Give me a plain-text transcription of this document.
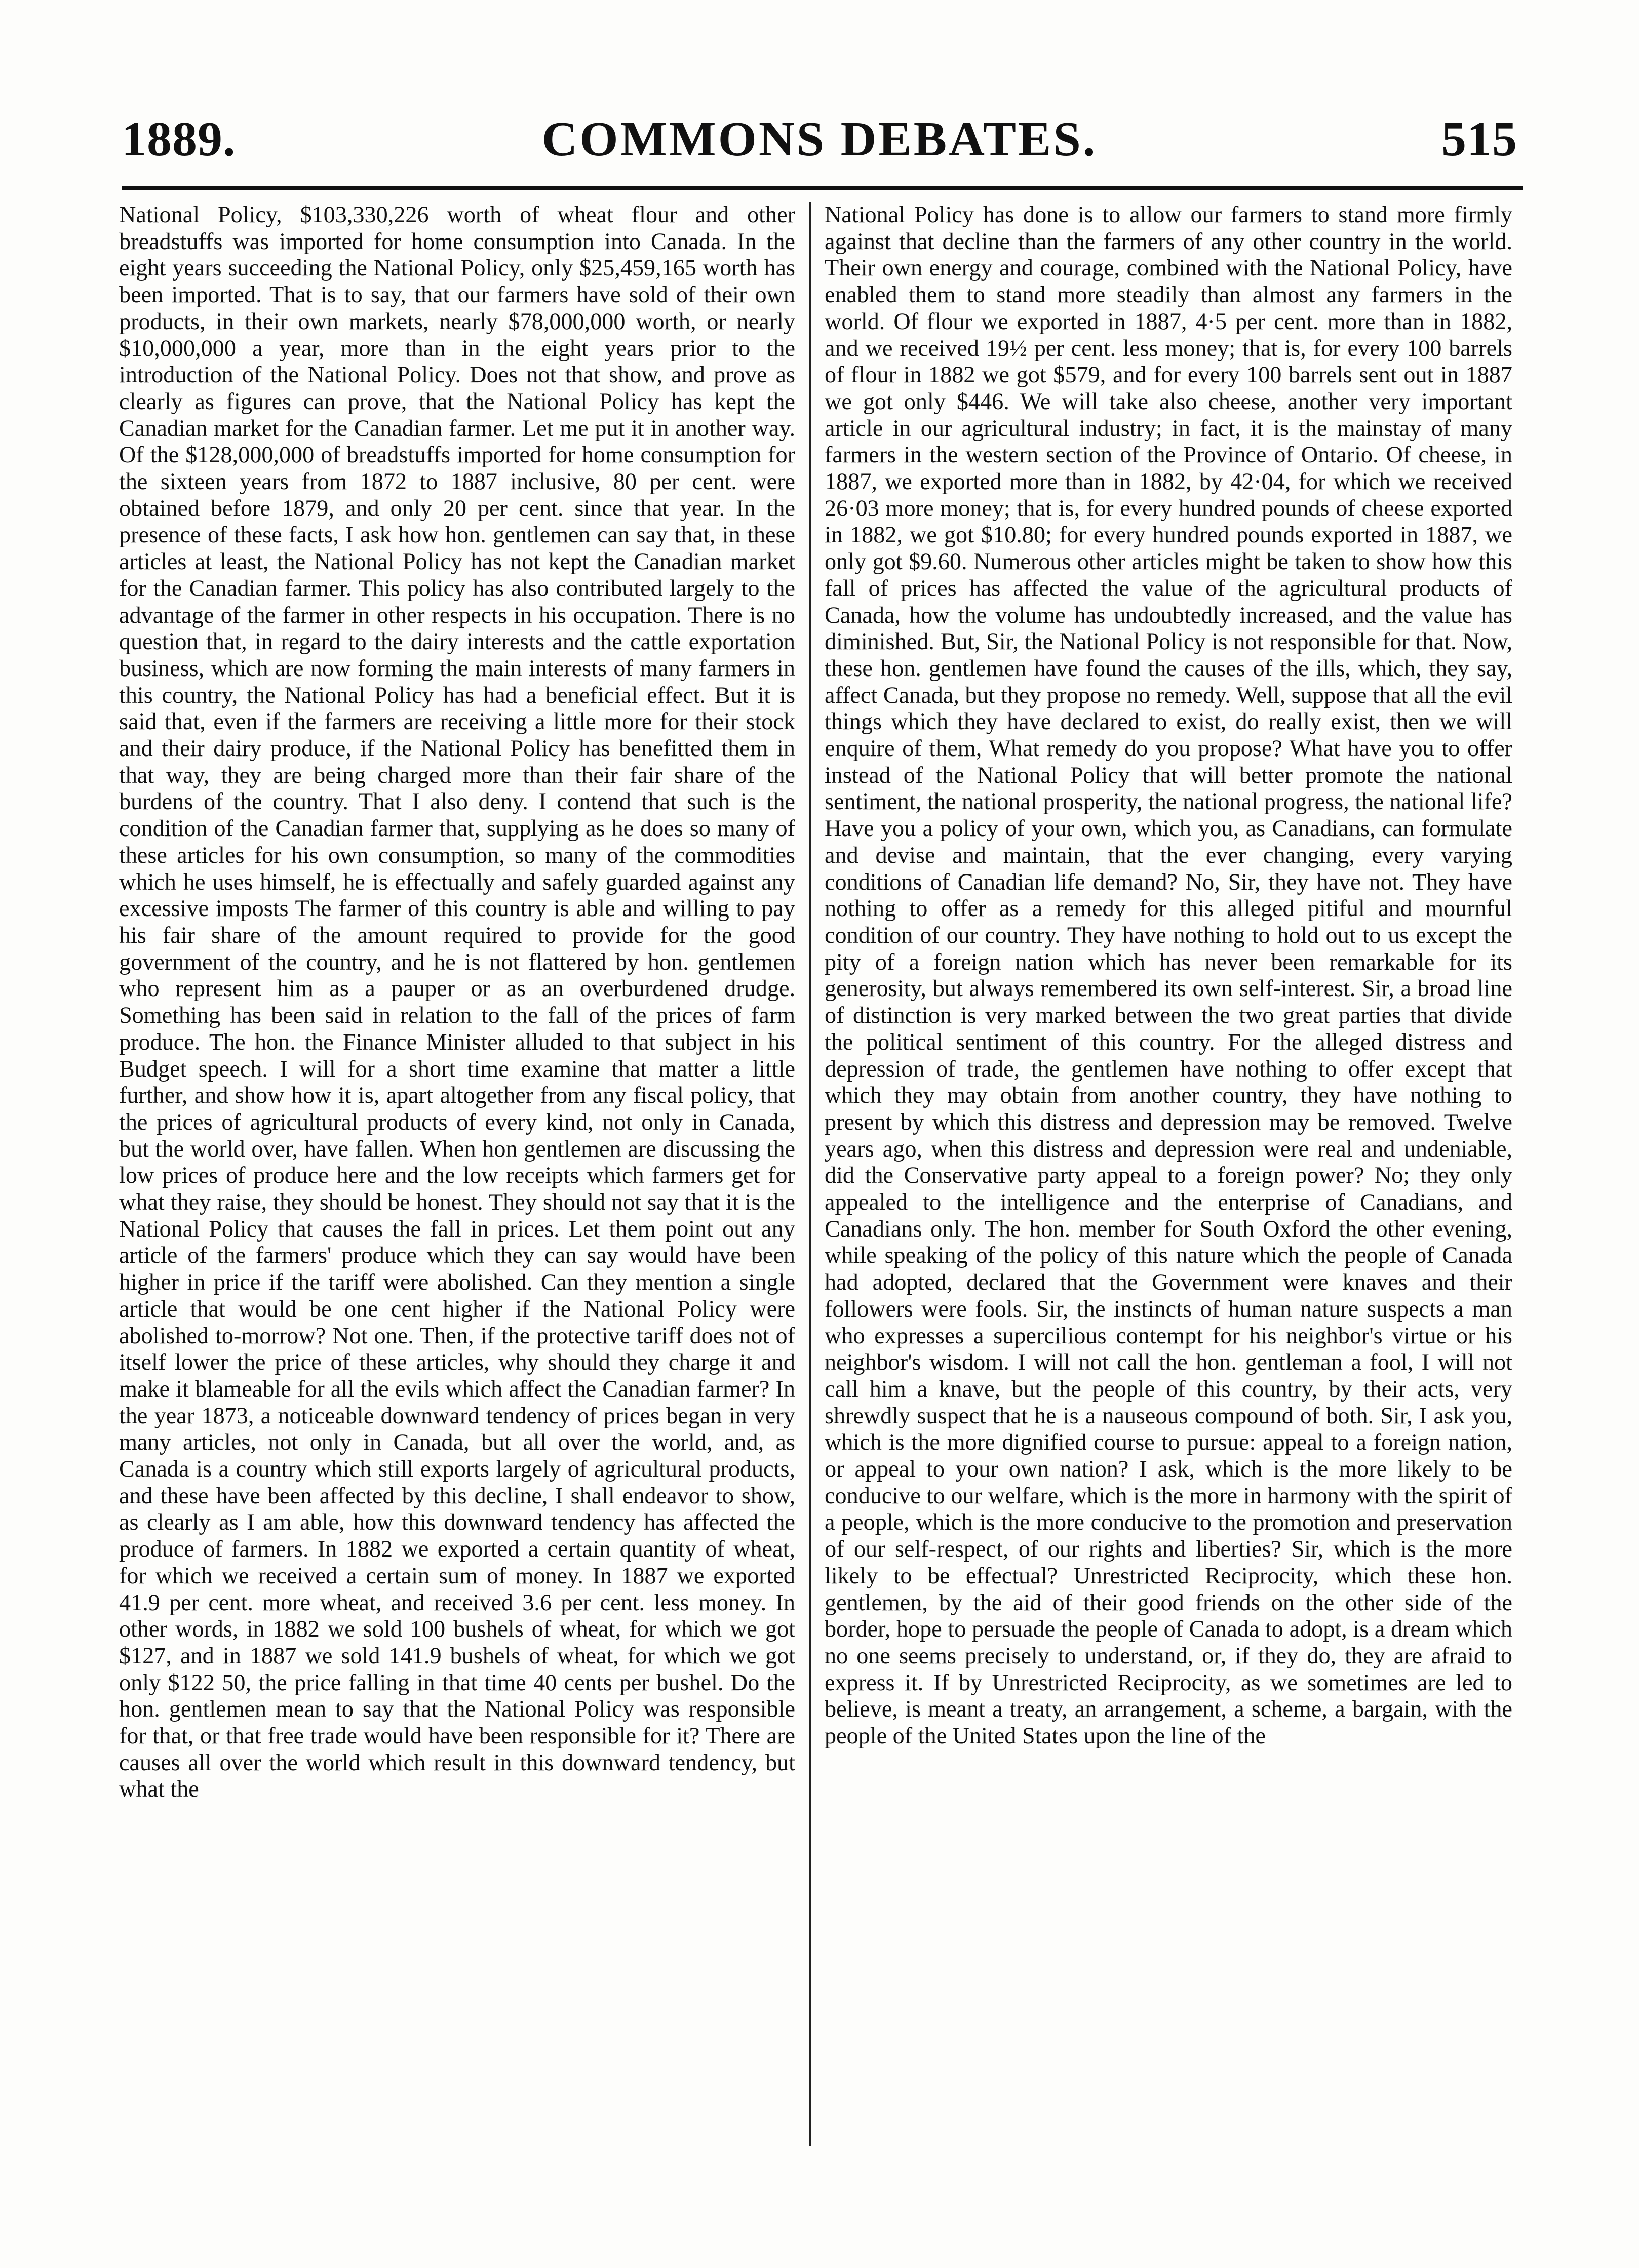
COMMONS DEBATES.
1889.	515

National Policy, $103,330,226 worth of wheat flour and other breadstuffs was imported for home consumption into Canada. In the eight years succeeding the National Policy, only $25,459,165 worth has been imported. That is to say, that our farmers have sold of their own products, in their own markets, nearly $78,000,000 worth, or nearly $10,000,000 a year, more than in the eight years prior to the introduction of the National Policy. Does not that show, and prove as clearly as figures can prove, that the National Policy has kept the Canadian market for the Canadian farmer. Let me put it in another way. Of the $128,000,000 of breadstuffs imported for home consumption for the sixteen years from 1872 to 1887 inclusive, 80 per cent. were obtained before 1879, and only 20 per cent. since that year. In the presence of these facts, I ask how hon. gentlemen can say that, in these articles at least, the National Policy has not kept the Canadian market for the Canadian farmer. This policy has also contributed largely to the advantage of the farmer in other respects in his occupation. There is no question that, in regard to the dairy interests and the cattle exportation business, which are now forming the main interests of many farmers in this country, the National Policy has had a beneficial effect. But it is said that, even if the farmers are receiving a little more for their stock and their dairy produce, if the National Policy has benefitted them in that way, they are being charged more than their fair share of the burdens of the country. That I also deny. I contend that such is the condition of the Canadian farmer that, supplying as he does so many of these articles for his own consumption, so many of the commodities which he uses himself, he is effectually and safely guarded against any excessive imposts The farmer of this country is able and willing to pay his fair share of the amount required to provide for the good government of the country, and he is not flattered by hon. gentlemen who represent him as a pauper or as an overburdened drudge. Something has been said in relation to the fall of the prices of farm produce. The hon. the Finance Minister alluded to that subject in his Budget speech. I will for a short time examine that matter a little further, and show how it is, apart altogether from any fiscal policy, that the prices of agricultural products of every kind, not only in Canada, but the world over, have fallen. When hon gentlemen are discussing the low prices of produce here and the low receipts which farmers get for what they raise, they should be honest. They should not say that it is the National Policy that causes the fall in prices. Let them point out any article of the farmers' produce which they can say would have been higher in price if the tariff were abolished. Can they mention a single article that would be one cent higher if the National Policy were abolished to-morrow? Not one. Then, if the protective tariff does not of itself lower the price of these articles, why should they charge it and make it blameable for all the evils which affect the Canadian farmer? In the year 1873, a noticeable downward tendency of prices began in very many articles, not only in Canada, but all over the world, and, as Canada is a country which still exports largely of agricultural products, and these have been affected by this decline, I shall endeavor to show, as clearly as I am able, how this downward tendency has affected the produce of farmers. In 1882 we exported a certain quantity of wheat, for which we received a certain sum of money. In 1887 we exported 41.9 per cent. more wheat, and received 3.6 per cent. less money. In other words, in 1882 we sold 100 bushels of wheat, for which we got $127, and in 1887 we sold 141.9 bushels of wheat, for which we got only $122 50, the price falling in that time 40 cents per bushel. Do the hon. gentlemen mean to say that the National Policy was responsible for that, or that free trade would have been responsible for it? There are causes all over the world which result in this downward tendency, but what the

National Policy has done is to allow our farmers to stand more firmly against that decline than the farmers of any other country in the world. Their own energy and courage, combined with the National Policy, have enabled them to stand more steadily than almost any farmers in the world. Of flour we exported in 1887, 4·5 per cent. more than in 1882, and we received 19½ per cent. less money; that is, for every 100 barrels of flour in 1882 we got $579, and for every 100 barrels sent out in 1887 we got only $446. We will take also cheese, another very important article in our agricultural industry; in fact, it is the mainstay of many farmers in the western section of the Province of Ontario. Of cheese, in 1887, we exported more than in 1882, by 42·04, for which we received 26·03 more money; that is, for every hundred pounds of cheese exported in 1882, we got $10.80; for every hundred pounds exported in 1887, we only got $9.60. Numerous other articles might be taken to show how this fall of prices has affected the value of the agricultural products of Canada, how the volume has undoubtedly increased, and the value has diminished. But, Sir, the National Policy is not responsible for that. Now, these hon. gentlemen have found the causes of the ills, which, they say, affect Canada, but they propose no remedy. Well, suppose that all the evil things which they have declared to exist, do really exist, then we will enquire of them, What remedy do you propose? What have you to offer instead of the National Policy that will better promote the national sentiment, the national prosperity, the national progress, the national life? Have you a policy of your own, which you, as Canadians, can formulate and devise and maintain, that the ever changing, every varying conditions of Canadian life demand? No, Sir, they have not. They have nothing to offer as a remedy for this alleged pitiful and mournful condition of our country. They have nothing to hold out to us except the pity of a foreign nation which has never been remarkable for its generosity, but always remembered its own self-interest. Sir, a broad line of distinction is very marked between the two great parties that divide the political sentiment of this country. For the alleged distress and depression of trade, the gentlemen have nothing to offer except that which they may obtain from another country, they have nothing to present by which this distress and depression may be removed. Twelve years ago, when this distress and depression were real and undeniable, did the Conservative party appeal to a foreign power? No; they only appealed to the intelligence and the enterprise of Canadians, and Canadians only. The hon. member for South Oxford the other evening, while speaking of the policy of this nature which the people of Canada had adopted, declared that the Government were knaves and their followers were fools. Sir, the instincts of human nature suspects a man who expresses a supercilious contempt for his neighbor's virtue or his neighbor's wisdom. I will not call the hon. gentleman a fool, I will not call him a knave, but the people of this country, by their acts, very shrewdly suspect that he is a nauseous compound of both. Sir, I ask you, which is the more dignified course to pursue: appeal to a foreign nation, or appeal to your own nation? I ask, which is the more likely to be conducive to our welfare, which is the more in harmony with the spirit of a people, which is the more conducive to the promotion and preservation of our self-respect, of our rights and liberties? Sir, which is the more likely to be effectual? Unrestricted Reciprocity, which these hon. gentlemen, by the aid of their good friends on the other side of the border, hope to persuade the people of Canada to adopt, is a dream which no one seems precisely to understand, or, if they do, they are afraid to express it. If by Unrestricted Reciprocity, as we sometimes are led to believe, is meant a treaty, an arrangement, a scheme, a bargain, with the people of the United States upon the line of the
